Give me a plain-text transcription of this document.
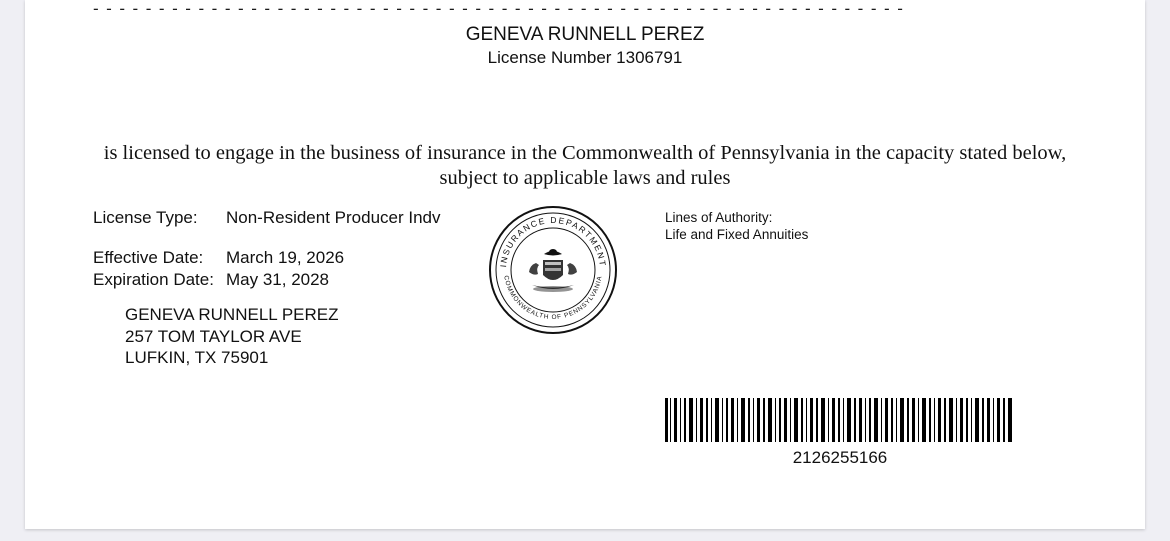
- - - - - - - - - - - - - - - - - - - - - - - - - - - - - - - - - - - - - - - - - - - - - - - - - - - - - - - - - - - - - -
GENEVA RUNNELL PEREZ
License Number 1306791
is licensed to engage in the business of insurance in the Commonwealth of Pennsylvania in the capacity stated below, subject to applicable laws and rules
License Type:	Non-Resident Producer Indv
Effective Date:	March 19, 2026
Expiration Date: May 31, 2028
GENEVA RUNNELL PEREZ
257 TOM TAYLOR AVE
LUFKIN, TX 75901
Lines of Authority:
Life and Fixed Annuities
INSURANCE DEPARTMENT
COMMONWEALTH OF PENNSYLVANIA
2126255166
